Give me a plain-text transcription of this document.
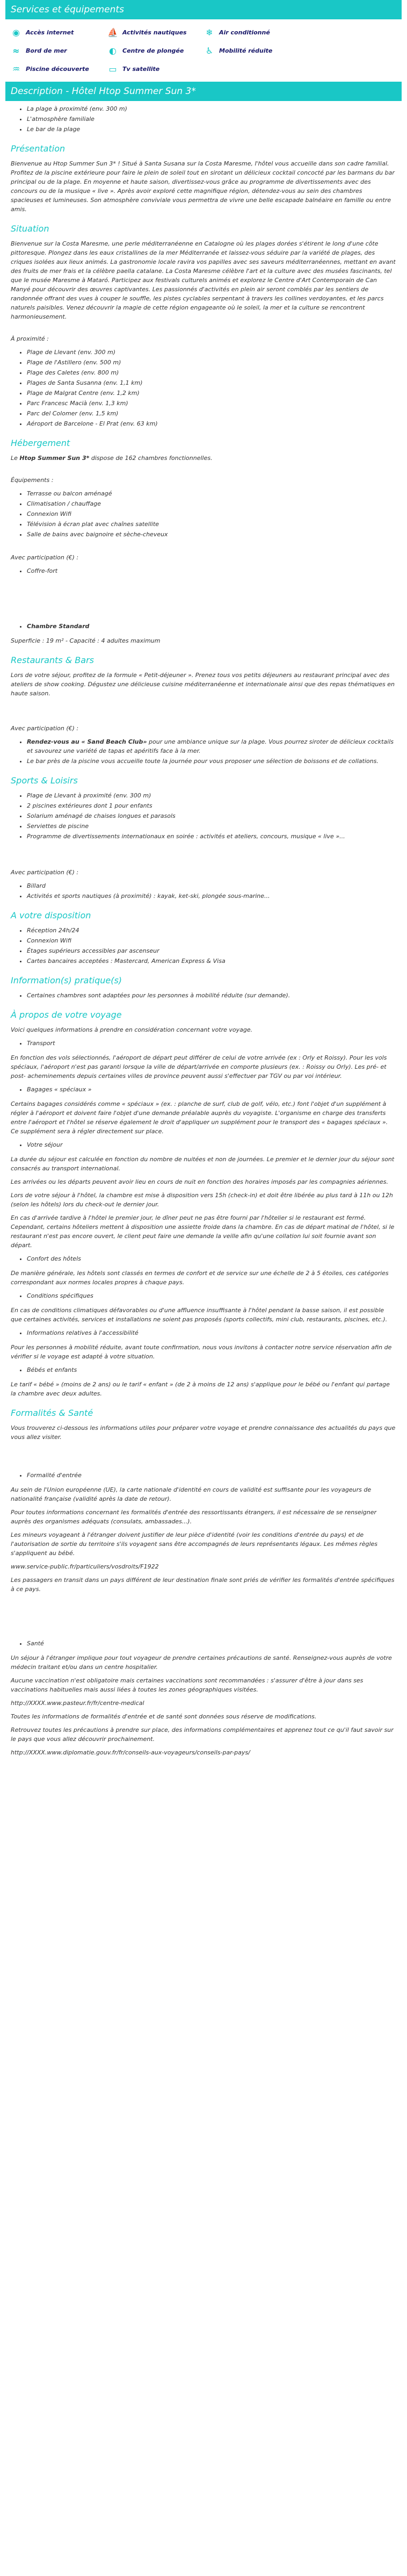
Services et équipements
◉ Accès internet	⛵ Activités nautiques ❄ Air conditionné
≈ Bord de mer	◐ Centre de plongée	♿ Mobilité réduite
♒ Piscine découverte ▭ Tv satellite
Description - Hôtel Htop Summer Sun 3*
• La plage à proximité (env. 300 m)
• L'atmosphère familiale
• Le bar de la plage
Présentation

Bienvenue au Htop Summer Sun 3* ! Situé à Santa Susana sur la Costa Maresme, l'hôtel vous accueille dans son cadre familial. Profitez de la piscine extérieure pour faire le plein de soleil tout en sirotant un délicieux cocktail concocté par les barmans du bar principal ou de la plage. En moyenne et haute saison, divertissez-vous grâce au programme de divertissements avec des concours ou de la musique « live ». Après avoir exploré cette magnifique région, détendez-vous au sein des chambres spacieuses et lumineuses. Son atmosphère conviviale vous permettra de vivre une belle escapade balnéaire en famille ou entre amis.

Situation

Bienvenue sur la Costa Maresme, une perle méditerranéenne en Catalogne où les plages dorées s'étirent le long d'une côte pittoresque. Plongez dans les eaux cristallines de la mer Méditerranée et laissez-vous séduire par la variété de plages, des criques isolées aux lieux animés. La gastronomie locale ravira vos papilles avec ses saveurs méditerranéennes, mettant en avant des fruits de mer frais et la célèbre paella catalane. La Costa Maresme célèbre l'art et la culture avec des musées fascinants, tel que le musée Maresme à Mataró. Participez aux festivals culturels animés et explorez le Centre d'Art Contemporain de Can Manyé pour découvrir des œuvres captivantes. Les passionnés d'activités en plein air seront comblés par les sentiers de randonnée offrant des vues à couper le souffle, les pistes cyclables serpentant à travers les collines verdoyantes, et les parcs naturels paisibles. Venez découvrir la magie de cette région engageante où le soleil, la mer et la culture se rencontrent harmonieusement.

À proximité :

• Plage de Llevant (env. 300 m)
• Plage de l'Astillero (env. 500 m)
• Plage des Caletes (env. 800 m)
• Plages de Santa Susanna (env. 1,1 km)
• Plage de Malgrat Centre (env. 1,2 km)
• Parc Francesc Macià (env. 1,3 km)
• Parc del Colomer (env. 1,5 km)
• Aéroport de Barcelone - El Prat (env. 63 km)
Hébergement

Le Htop Summer Sun 3* dispose de 162 chambres fonctionnelles.

Équipements :

• Terrasse ou balcon aménagé
• Climatisation / chauffage
• Connexion Wifi
• Télévision à écran plat avec chaînes satellite
• Salle de bains avec baignoire et sèche-cheveux

Avec participation (€) :

• Coffre-fort
• Chambre Standard

Superficie : 19 m² - Capacité : 4 adultes maximum

Restaurants & Bars

Lors de votre séjour, profitez de la formule « Petit-déjeuner ». Prenez tous vos petits déjeuners au restaurant principal avec des ateliers de show cooking. Dégustez une délicieuse cuisine méditerranéenne et internationale ainsi que des repas thématiques en haute saison.

Avec participation (€) :

• Rendez-vous au « Sand Beach Club» pour une ambiance unique sur la plage. Vous pourrez siroter de délicieux cocktails et savourez une variété de tapas et apéritifs face à la mer.
• Le bar près de la piscine vous accueille toute la journée pour vous proposer une sélection de boissons et de collations.
Sports & Loisirs
• Plage de Llevant à proximité (env. 300 m)
• 2 piscines extérieures dont 1 pour enfants
• Solarium aménagé de chaises longues et parasols
• Serviettes de piscine
• Programme de divertissements internationaux en soirée : activités et ateliers, concours, musique « live »...

Avec participation (€) :

• Billard
• Activités et sports nautiques (à proximité) : kayak, ket-ski, plongée sous-marine...
A votre disposition
• Réception 24h/24
• Connexion Wifi
• Étages supérieurs accessibles par ascenseur
• Cartes bancaires acceptées : Mastercard, American Express & Visa
Information(s) pratique(s)
• Certaines chambres sont adaptées pour les personnes à mobilité réduite (sur demande).
À propos de votre voyage

Voici quelques informations à prendre en considération concernant votre voyage.

• Transport

En fonction des vols sélectionnés, l'aéroport de départ peut différer de celui de votre arrivée (ex : Orly et Roissy). Pour les vols spéciaux, l'aéroport n'est pas garanti lorsque la ville de départ/arrivée en comporte plusieurs (ex. : Roissy ou Orly). Les pré- et post- acheminements depuis certaines villes de province peuvent aussi s'effectuer par TGV ou par voi intérieur.

• Bagages « spéciaux »

Certains bagages considérés comme « spéciaux » (ex. : planche de surf, club de golf, vélo, etc.) font l'objet d'un supplément à régler à l'aéroport et doivent faire l'objet d'une demande préalable auprès du voyagiste. L'organisme en charge des transferts entre l'aéroport et l'hôtel se réserve également le droit d'appliquer un supplément pour le transport des « bagages spéciaux ». Ce supplément sera à régler directement sur place.

• Votre séjour

La durée du séjour est calculée en fonction du nombre de nuitées et non de journées. Le premier et le dernier jour du séjour sont consacrés au transport international.

Les arrivées ou les départs peuvent avoir lieu en cours de nuit en fonction des horaires imposés par les compagnies aériennes.

Lors de votre séjour à l'hôtel, la chambre est mise à disposition vers 15h (check-in) et doit être libérée au plus tard à 11h ou 12h (selon les hôtels) lors du check-out le dernier jour.

En cas d'arrivée tardive à l'hôtel le premier jour, le dîner peut ne pas être fourni par l'hôtelier si le restaurant est fermé. Cependant, certains hôteliers mettent à disposition une assiette froide dans la chambre. En cas de départ matinal de l'hôtel, si le restaurant n'est pas encore ouvert, le client peut faire une demande la veille afin qu'une collation lui soit fournie avant son départ.

• Confort des hôtels

De manière générale, les hôtels sont classés en termes de confort et de service sur une échelle de 2 à 5 étoiles, ces catégories correspondant aux normes locales propres à chaque pays.

• Conditions spécifiques

En cas de conditions climatiques défavorables ou d'une affluence insuffisante à l'hôtel pendant la basse saison, il est possible que certaines activités, services et installations ne soient pas proposés (sports collectifs, mini club, restaurants, piscines, etc.).

• Informations relatives à l'accessibilité

Pour les personnes à mobilité réduite, avant toute confirmation, nous vous invitons à contacter notre service réservation afin de vérifier si le voyage est adapté à votre situation.

• Bébés et enfants

Le tarif « bébé » (moins de 2 ans) ou le tarif « enfant » (de 2 à moins de 12 ans) s'applique pour le bébé ou l'enfant qui partage la chambre avec deux adultes.

Formalités & Santé

Vous trouverez ci-dessous les informations utiles pour préparer votre voyage et prendre connaissance des actualités du pays que vous allez visiter.

• Formalité d'entrée

Au sein de l'Union européenne (UE), la carte nationale d'identité en cours de validité est suffisante pour les voyageurs de nationalité française (validité après la date de retour).

Pour toutes informations concernant les formalités d'entrée des ressortissants étrangers, il est nécessaire de se renseigner auprès des organismes adéquats (consulats, ambassades...).

Les mineurs voyageant à l'étranger doivent justifier de leur pièce d'identité (voir les conditions d'entrée du pays) et de l'autorisation de sortie du territoire s'ils voyagent sans être accompagnés de leurs représentants légaux. Les mêmes règles s'appliquent au bébé.

www.service-public.fr/particuliers/vosdroits/F1922

Les passagers en transit dans un pays différent de leur destination finale sont priés de vérifier les formalités d'entrée spécifiques à ce pays.

• Santé

Un séjour à l'étranger implique pour tout voyageur de prendre certaines précautions de santé. Renseignez-vous auprès de votre médecin traitant et/ou dans un centre hospitalier.

Aucune vaccination n'est obligatoire mais certaines vaccinations sont recommandées : s'assurer d'être à jour dans ses vaccinations habituelles mais aussi liées à toutes les zones géographiques visitées.

http://XXXX.www.pasteur.fr/fr/centre-medical

Toutes les informations de formalités d'entrée et de santé sont données sous réserve de modifications.

Retrouvez toutes les précautions à prendre sur place, des informations complémentaires et apprenez tout ce qu'il faut savoir sur le pays que vous allez découvrir prochainement.

http://XXXX.www.diplomatie.gouv.fr/fr/conseils-aux-voyageurs/conseils-par-pays/
